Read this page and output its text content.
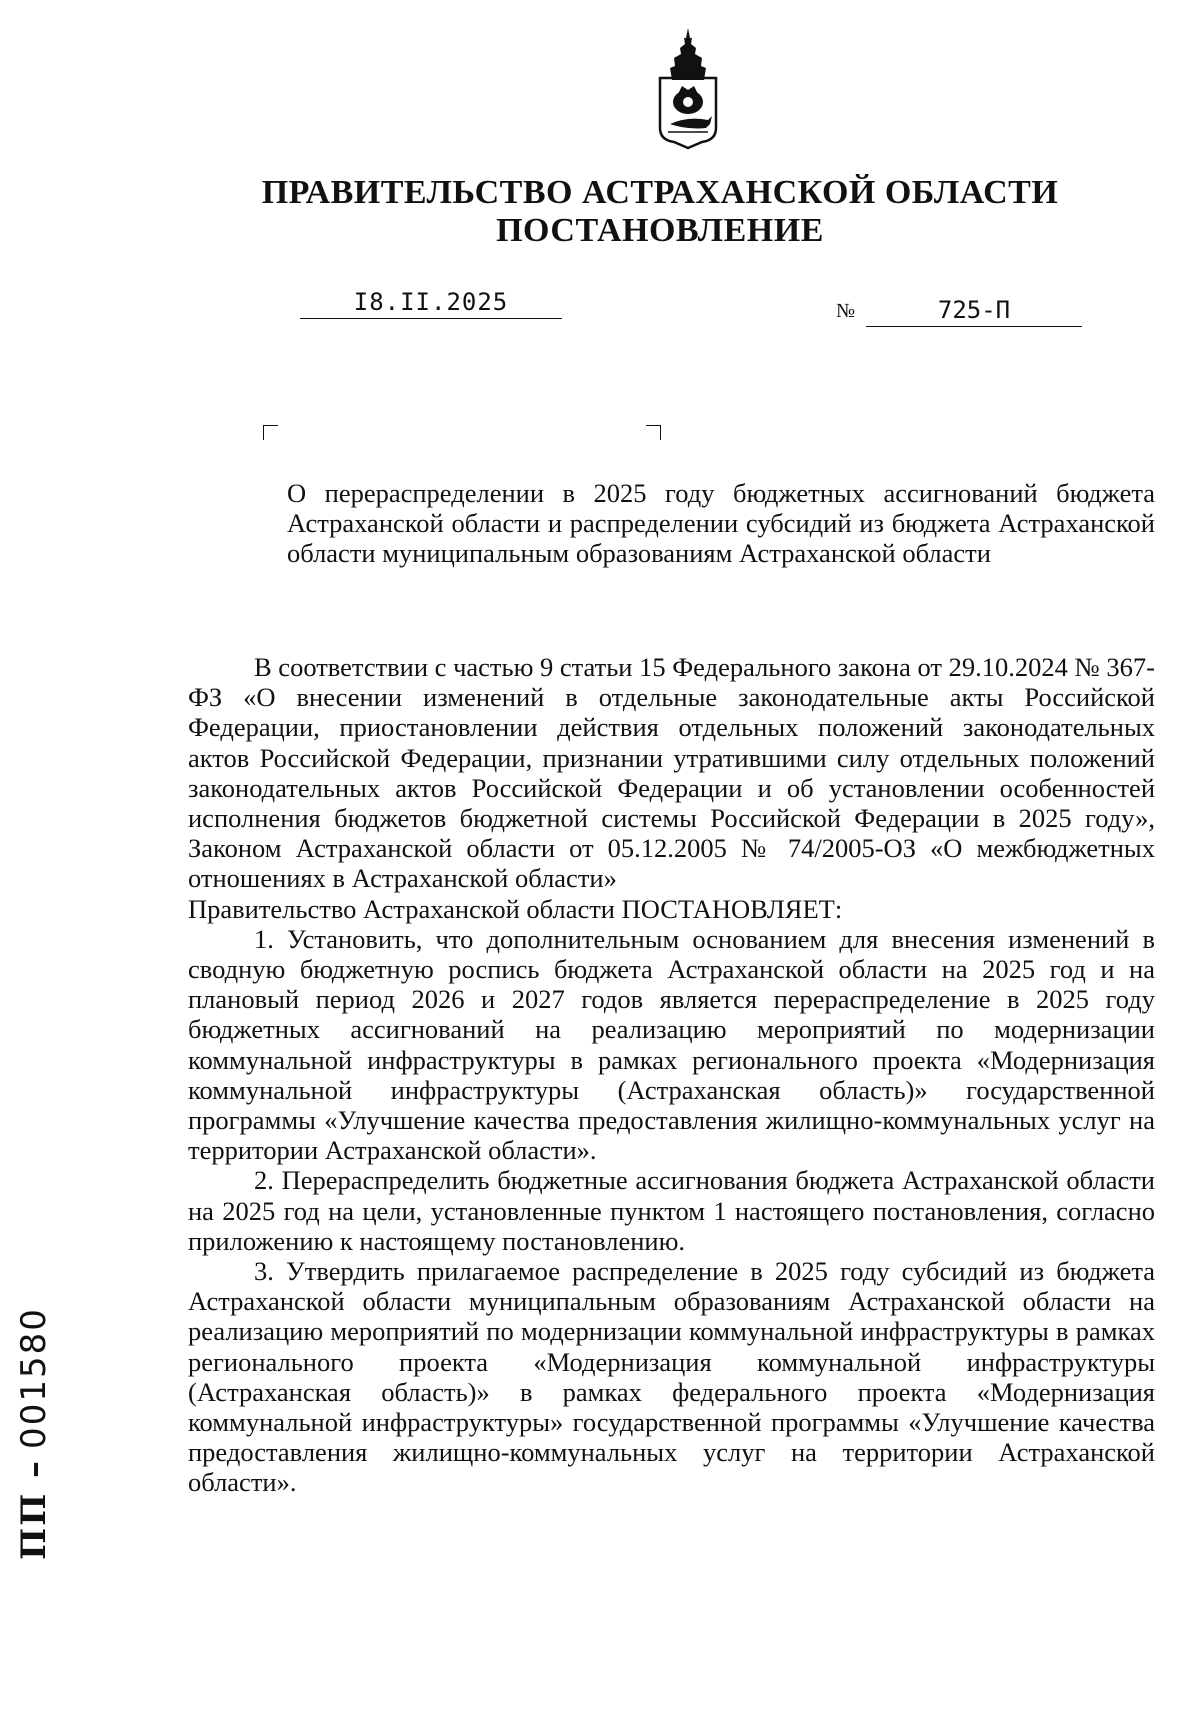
ПРАВИТЕЛЬСТВО АСТРАХАНСКОЙ ОБЛАСТИ
ПОСТАНОВЛЕНИЕ
I8.II.2025	№	725-П
О перераспределении в 2025 году бюджетных ассигнований бюджета Астраханской области и распределении субсидий из бюджета Астраханской области муниципальным образованиям Астраханской области

В соответствии с частью 9 статьи 15 Федерального закона от 29.10.2024 № 367-ФЗ «О внесении изменений в отдельные законодательные акты Российской Федерации, приостановлении действия отдельных положений законодательных актов Российской Федерации, признании утратившими силу отдельных положений законодательных актов Российской Федерации и об установлении особенностей исполнения бюджетов бюджетной системы Российской Федерации в 2025 году», Законом Астраханской области от 05.12.2005 № 74/2005-ОЗ «О межбюджетных отношениях в Астраханской области»

Правительство Астраханской области ПОСТАНОВЛЯЕТ:

1. Установить, что дополнительным основанием для внесения изменений в сводную бюджетную роспись бюджета Астраханской области на 2025 год и на плановый период 2026 и 2027 годов является перераспределение в 2025 году бюджетных ассигнований на реализацию мероприятий по модернизации коммунальной инфраструктуры в рамках регионального проекта «Модернизация коммунальной инфраструктуры (Астраханская область)» государственной программы «Улучшение качества предоставления жилищно-коммунальных услуг на территории Астраханской области».

2. Перераспределить бюджетные ассигнования бюджета Астраханской области на 2025 год на цели, установленные пунктом 1 настоящего постановления, согласно приложению к настоящему постановлению.

3. Утвердить прилагаемое распределение в 2025 году субсидий из бюджета Астраханской области муниципальным образованиям Астраханской области на реализацию мероприятий по модернизации коммунальной инфраструктуры в рамках регионального проекта «Модернизация коммунальной инфраструктуры (Астраханская область)» в рамках федерального проекта «Модернизация коммунальной инфраструктуры» государственной программы «Улучшение качества предоставления жилищно-коммунальных услуг на территории Астраханской области».

ПП –001580
